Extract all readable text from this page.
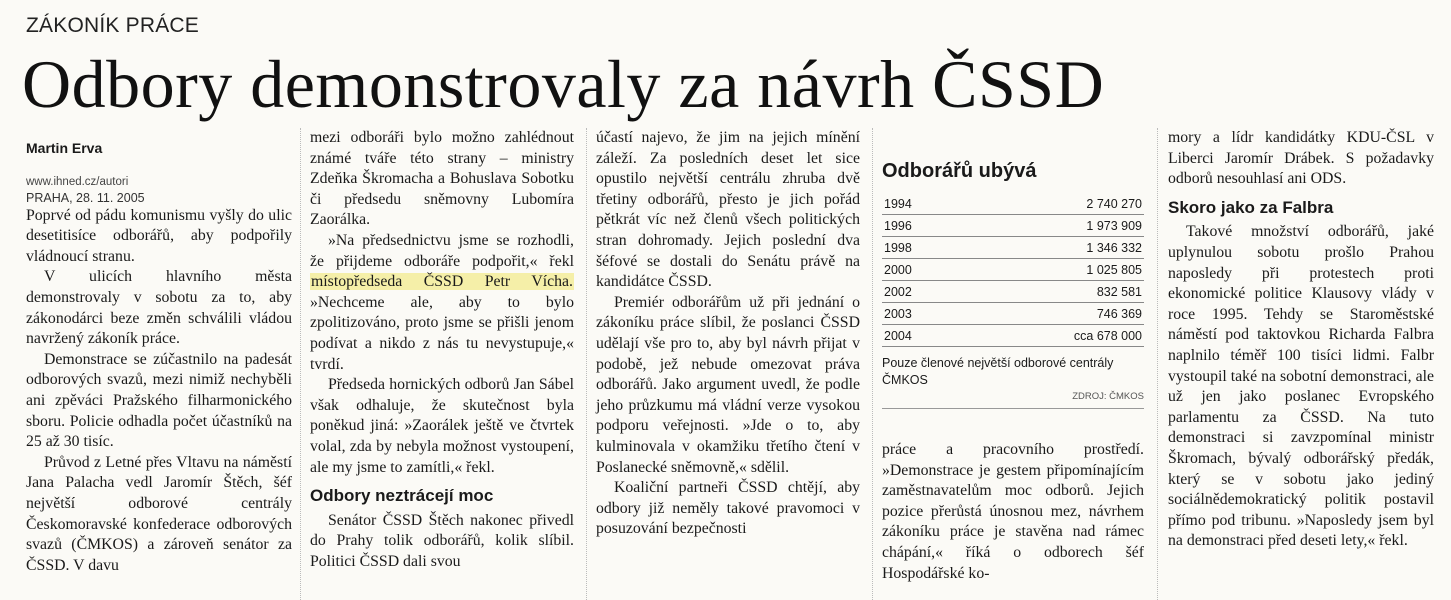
ZÁKONÍK PRÁCE
Odbory demonstrovaly za návrh ČSSD
Martin Erva
www.ihned.cz/autori
PRAHA, 28. 11. 2005

Poprvé od pádu komunismu vyšly do ulic desetitisíce odborářů, aby podpořily vládnoucí stranu.

V ulicích hlavního města demonstrovaly v sobotu za to, aby zákonodárci beze změn schválili vládou navržený zákoník práce.

Demonstrace se zúčastnilo na padesát odborových svazů, mezi nimiž nechyběli ani zpěváci Pražského filharmonického sboru. Policie odhadla počet účastníků na 25 až 30 tisíc.

Průvod z Letné přes Vltavu na náměstí Jana Palacha vedl Jaromír Štěch, šéf největší odborové centrály Českomoravské konfederace odborových svazů (ČMKOS) a zároveň senátor za ČSSD. V davu

mezi odboráři bylo možno zahlédnout známé tváře této strany – ministry Zdeňka Škromacha a Bohuslava Sobotku či předsedu sněmovny Lubomíra Zaorálka.

»Na předsednictvu jsme se rozhodli, že přijdeme odboráře podpořit,« řekl místopředseda ČSSD Petr Vícha. »Nechceme ale, aby to bylo zpolitizováno, proto jsme se přišli jenom podívat a nikdo z nás tu nevystupuje,« tvrdí.

Předseda hornických odborů Jan Sábel však odhaluje, že skutečnost byla poněkud jiná: »Zaorálek ještě ve čtvrtek volal, zda by nebyla možnost vystoupení, ale my jsme to zamítli,« řekl.

Odbory neztrácejí moc

Senátor ČSSD Štěch nakonec přivedl do Prahy tolik odborářů, kolik slíbil. Politici ČSSD dali svou

účastí najevo, že jim na jejich mínění záleží. Za posledních deset let sice opustilo největší centrálu zhruba dvě třetiny odborářů, přesto je jich pořád pětkrát víc než členů všech politických stran dohromady. Jejich poslední dva šéfové se dostali do Senátu právě na kandidátce ČSSD.

Premiér odborářům už při jednání o zákoníku práce slíbil, že poslanci ČSSD udělají vše pro to, aby byl návrh přijat v podobě, jež nebude omezovat práva odborářů. Jako argument uvedl, že podle jeho průzkumu má vládní verze vysokou podporu veřejnosti. »Jde o to, aby kulminovala v okamžiku třetího čtení v Poslanecké sněmovně,« sdělil.

Koaliční partneři ČSSD chtějí, aby odbory již neměly takové pravomoci v posuzování bezpečnosti

Odborářů ubývá
1994	2 740 270
1996	1 973 909
1998	1 346 332
2000	1 025 805
2002	832 581
2003	746 369
2004	cca 678 000
Pouze členové největší odborové centrály ČMKOS
ZDROJ: ČMKOS

práce a pracovního prostředí. »Demonstrace je gestem připomínajícím zaměstnavatelům moc odborů. Jejich pozice přerůstá únosnou mez, návrhem zákoníku práce je stavěna nad rámec chápání,« říká o odborech šéf Hospodářské ko-

mory a lídr kandidátky KDU-ČSL v Liberci Jaromír Drábek. S požadavky odborů nesouhlasí ani ODS.

Skoro jako za Falbra

Takové množství odborářů, jaké uplynulou sobotu prošlo Prahou naposledy při protestech proti ekonomické politice Klausovy vlády v roce 1995. Tehdy se Staroměstské náměstí pod taktovkou Richarda Falbra naplnilo téměř 100 tisíci lidmi. Falbr vystoupil také na sobotní demonstraci, ale už jen jako poslanec Evropského parlamentu za ČSSD. Na tuto demonstraci si zavzpomínal ministr Škromach, bývalý odborářský předák, který se v sobotu jako jediný sociálnědemokratický politik postavil přímo pod tribunu. »Naposledy jsem byl na demonstraci před deseti lety,« řekl.
